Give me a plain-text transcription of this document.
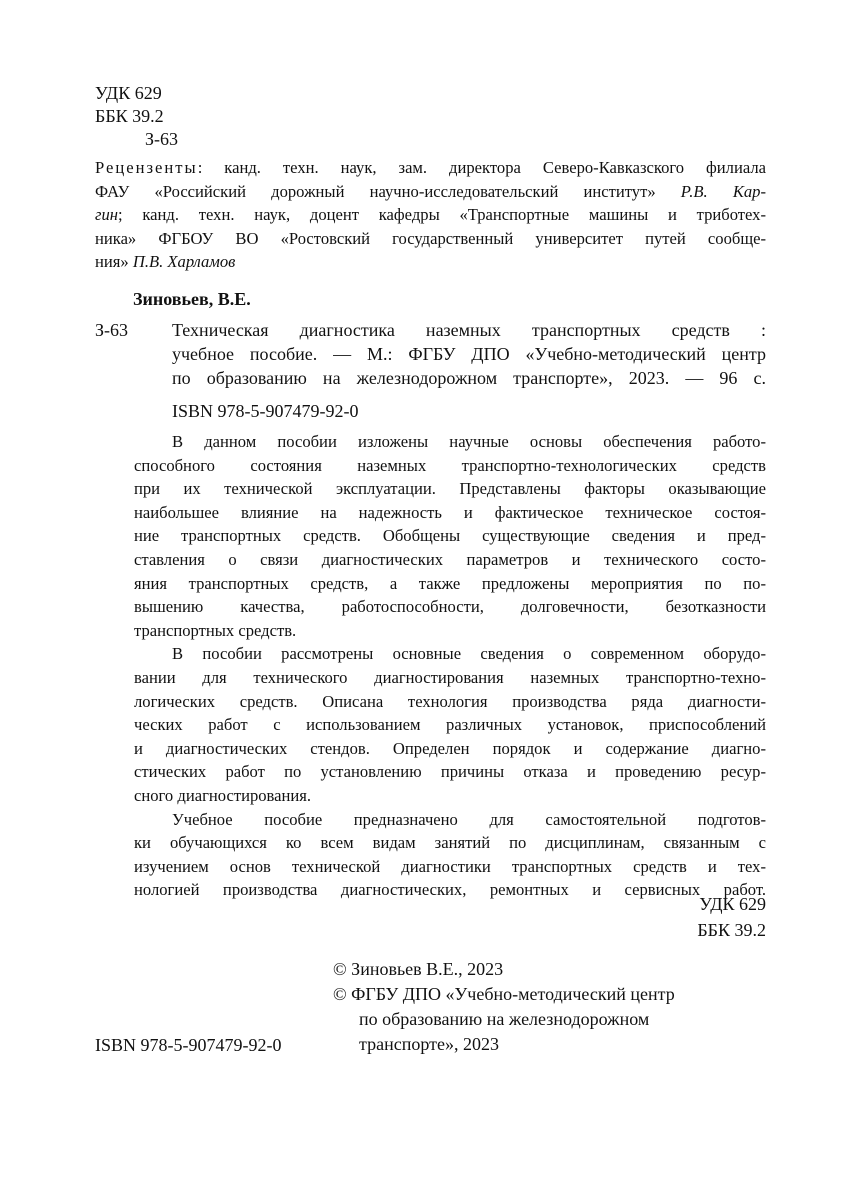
УДК 629
ББК 39.2
З-63
Рецензенты: канд. техн. наук, зам. директора Северо-Кавказского филиала
ФАУ «Российский дорожный научно-исследовательский институт» Р.В. Кар-
гин; канд. техн. наук, доцент кафедры «Транспортные машины и триботех-
ника» ФГБОУ ВО «Ростовский государственный университет путей сообще-
ния» П.В. Харламов
Зиновьев, В.Е.
З-63 Техническая диагностика наземных транспортных средств :
учебное пособие. — М.: ФГБУ ДПО «Учебно-методический центр
по образованию на железнодорожном транспорте», 2023. — 96 с.
ISBN 978-5-907479-92-0
В данном пособии изложены научные основы обеспечения работо-
способного состояния наземных транспортно-технологических средств
при их технической эксплуатации. Представлены факторы оказывающие
наибольшее влияние на надежность и фактическое техническое состоя-
ние транспортных средств. Обобщены существующие сведения и пред-
ставления о связи диагностических параметров и технического состо-
яния транспортных средств, а также предложены мероприятия по по-
вышению качества, работоспособности, долговечности, безотказности
транспортных средств.
В пособии рассмотрены основные сведения о современном оборудо-
вании для технического диагностирования наземных транспортно-техно-
логических средств. Описана технология производства ряда диагности-
ческих работ с использованием различных установок, приспособлений
и диагностических стендов. Определен порядок и содержание диагно-
стических работ по установлению причины отказа и проведению ресур-
сного диагностирования.
Учебное пособие предназначено для самостоятельной подготов-
ки обучающихся ко всем видам занятий по дисциплинам, связанным с
изучением основ технической диагностики транспортных средств и тех-
нологией производства диагностических, ремонтных и сервисных работ.
УДК 629
ББК 39.2
© Зиновьев В.Е., 2023
© ФГБУ ДПО «Учебно-методический центр
по образованию на железнодорожном
транспорте», 2023
ISBN 978-5-907479-92-0
